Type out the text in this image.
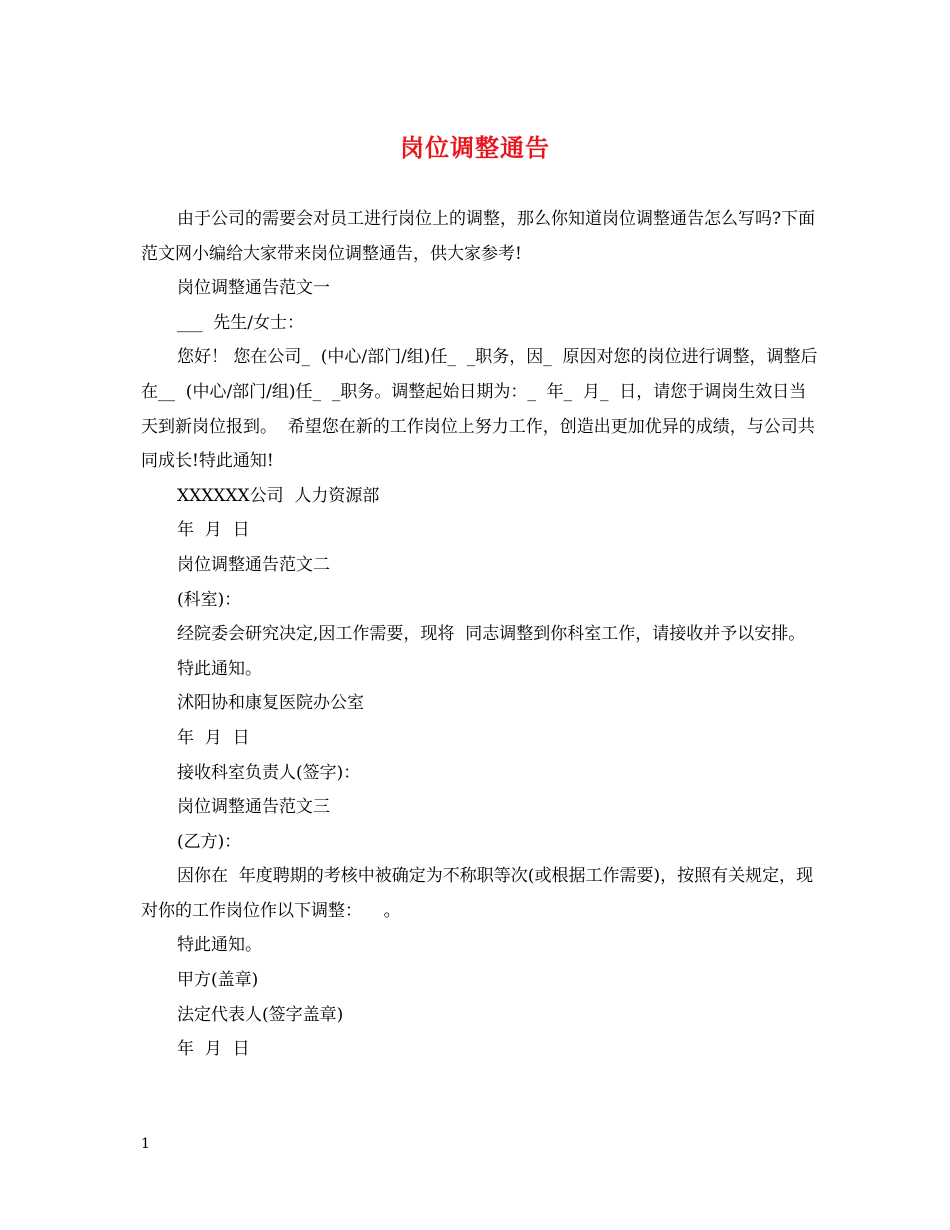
岗位调整通告

由于公司的需要会对员工进行岗位上的调整，那么你知道岗位调整通告怎么写吗?下面范文网小编给大家带来岗位调整通告，供大家参考!

岗位调整通告范文一

___  先生/女士：

您好！ 您在公司_  (中心/部门/组)任_  _职务，因_  原因对您的岗位进行调整，调整后在__  (中心/部门/组)任_  _职务。调整起始日期为：_  年_  月_  日，请您于调岗生效日当天到新岗位报到。  希望您在新的工作岗位上努力工作，创造出更加优异的成绩，与公司共同成长!特此通知!

XXXXXX公司  人力资源部

年  月  日

岗位调整通告范文二

(科室)：

经院委会研究决定,因工作需要，现将  同志调整到你科室工作，请接收并予以安排。

特此通知。

沭阳协和康复医院办公室

年  月  日

接收科室负责人(签字)：

岗位调整通告范文三

(乙方)：

因你在  年度聘期的考核中被确定为不称职等次(或根据工作需要)，按照有关规定，现对你的工作岗位作以下调整：    。

特此通知。

甲方(盖章)

法定代表人(签字盖章)

年  月  日

1
